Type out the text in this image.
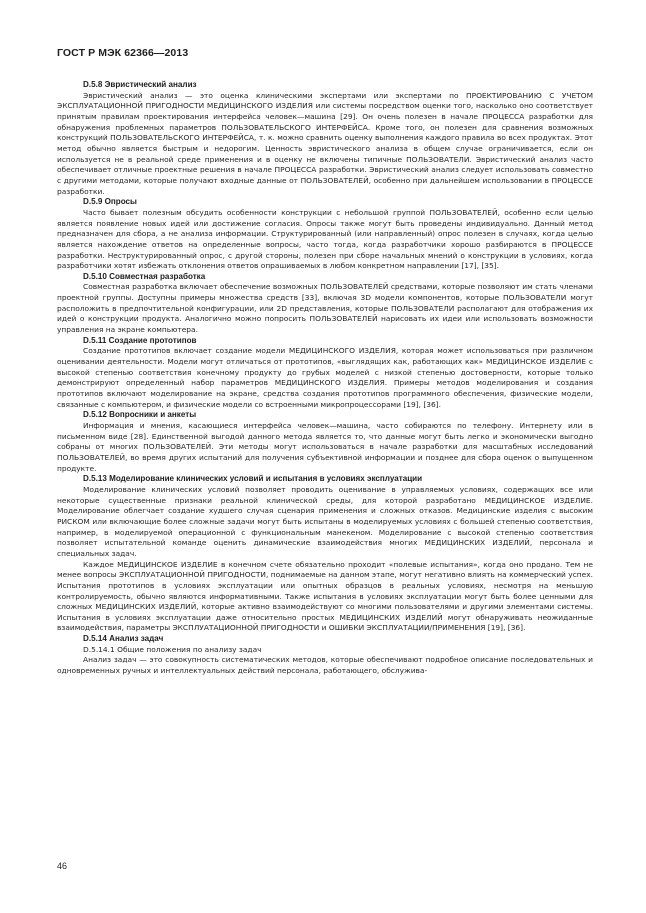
ГОСТ Р МЭК 62366—2013
D.5.8 Эвристический анализ

Эвристический анализ — это оценка клиническими экспертами или экспертами по ПРОЕКТИРОВАНИЮ С УЧЕТОМ ЭКСПЛУАТАЦИОННОЙ ПРИГОДНОСТИ МЕДИЦИНСКОГО ИЗДЕЛИЯ или системы посредством оценки того, насколько оно соответствует принятым правилам проектирования интерфейса человек—машина [29]. Он очень полезен в начале ПРОЦЕССА разработки для обнаружения проблемных параметров ПОЛЬЗОВАТЕЛЬСКОГО ИНТЕРФЕЙСА. Кроме того, он полезен для сравнения возможных конструкций ПОЛЬЗОВАТЕЛЬСКОГО ИНТЕРФЕЙСА, т. к. можно сравнить оценку выполнения каждого правила во всех продуктах. Этот метод обычно является быстрым и недорогим. Ценность эвристического анализа в общем случае ограничивается, если он используется не в реальной среде применения и в оценку не включены типичные ПОЛЬЗОВАТЕЛИ. Эвристический анализ часто обеспечивает отличные проектные решения в начале ПРОЦЕССА разработки. Эвристический анализ следует использовать совместно с другими методами, которые получают входные данные от ПОЛЬЗОВАТЕЛЕЙ, особенно при дальнейшем использовании в ПРОЦЕССЕ разработки.

D.5.9 Опросы

Часто бывает полезным обсудить особенности конструкции с небольшой группой ПОЛЬЗОВАТЕЛЕЙ, особенно если целью является появление новых идей или достижение согласия. Опросы также могут быть проведены индивидуально. Данный метод предназначен для сбора, а не анализа информации. Структурированный (или направленный) опрос полезен в случаях, когда целью является нахождение ответов на определенные вопросы, часто тогда, когда разработчики хорошо разбираются в ПРОЦЕССЕ разработки. Неструктурированный опрос, с другой стороны, полезен при сборе начальных мнений о конструкции в условиях, когда разработчики хотят избежать отклонения ответов опрашиваемых в любом конкретном направлении [17], [35].

D.5.10 Совместная разработка

Совместная разработка включает обеспечение возможных ПОЛЬЗОВАТЕЛЕЙ средствами, которые позволяют им стать членами проектной группы. Доступны примеры множества средств [33], включая 3D модели компонентов, которые ПОЛЬЗОВАТЕЛИ могут расположить в предпочтительной конфигурации, или 2D представления, которые ПОЛЬЗОВАТЕЛИ располагают для отображения их идей о конструкции продукта. Аналогично можно попросить ПОЛЬЗОВАТЕЛЕЙ нарисовать их идеи или использовать возможности управления на экране компьютера.

D.5.11 Создание прототипов

Создание прототипов включает создание модели МЕДИЦИНСКОГО ИЗДЕЛИЯ, которая может использоваться при различном оценивании деятельности. Модели могут отличаться от прототипов, «выглядящих как, работающих как» МЕДИЦИНСКОЕ ИЗДЕЛИЕ с высокой степенью соответствия конечному продукту до грубых моделей с низкой степенью достоверности, которые только демонстрируют определенный набор параметров МЕДИЦИНСКОГО ИЗДЕЛИЯ. Примеры методов моделирования и создания прототипов включают моделирование на экране, средства создания прототипов программного обеспечения, физические модели, связанные с компьютером, и физические модели со встроенными микропроцессорами [19], [36].

D.5.12 Вопросники и анкеты

Информация и мнения, касающиеся интерфейса человек—машина, часто собираются по телефону. Интернету или в письменном виде [28]. Единственной выгодой данного метода является то, что данные могут быть легко и экономически выгодно собраны от многих ПОЛЬЗОВАТЕЛЕЙ. Эти методы могут использоваться в начале разработки для масштабных исследований ПОЛЬЗОВАТЕЛЕЙ, во время других испытаний для получения субъективной информации и позднее для сбора оценок о выпущенном продукте.

D.5.13 Моделирование клинических условий и испытания в условиях эксплуатации

Моделирование клинических условий позволяет проводить оценивание в управляемых условиях, содержащих все или некоторые существенные признаки реальной клинической среды, для которой разработано МЕДИЦИНСКОЕ ИЗДЕЛИЕ. Моделирование облегчает создание худшего случая сценария применения и сложных отказов. Медицинские изделия с высоким РИСКОМ или включающие более сложные задачи могут быть испытаны в моделируемых условиях с большей степенью соответствия, например, в моделируемой операционной с функциональным манекеном. Моделирование с высокой степенью соответствия позволяет испытательной команде оценить динамические взаимодействия многих МЕДИЦИНСКИХ ИЗДЕЛИЙ, персонала и специальных задач.

Каждое МЕДИЦИНСКОЕ ИЗДЕЛИЕ в конечном счете обязательно проходит «полевые испытания», когда оно продано. Тем не менее вопросы ЭКСПЛУАТАЦИОННОЙ ПРИГОДНОСТИ, поднимаемые на данном этапе, могут негативно влиять на коммерческий успех. Испытания прототипов в условиях эксплуатации или опытных образцов в реальных условиях, несмотря на меньшую контролируемость, обычно являются информативными. Также испытания в условиях эксплуатации могут быть более ценными для сложных МЕДИЦИНСКИХ ИЗДЕЛИЙ, которые активно взаимодействуют со многими пользователями и другими элементами системы. Испытания в условиях эксплуатации даже относительно простых МЕДИЦИНСКИХ ИЗДЕЛИЙ могут обнаруживать неожиданные взаимодействия, параметры ЭКСПЛУАТАЦИОННОЙ ПРИГОДНОСТИ и ОШИБКИ ЭКСПЛУАТАЦИИ/ПРИМЕНЕНИЯ [19], [36].

D.5.14 Анализ задач
D.5.14.1 Общие положения по анализу задач

Анализ задач — это совокупность систематических методов, которые обеспечивают подробное описание последовательных и одновременных ручных и интеллектуальных действий персонала, работающего, обслужива-

46
